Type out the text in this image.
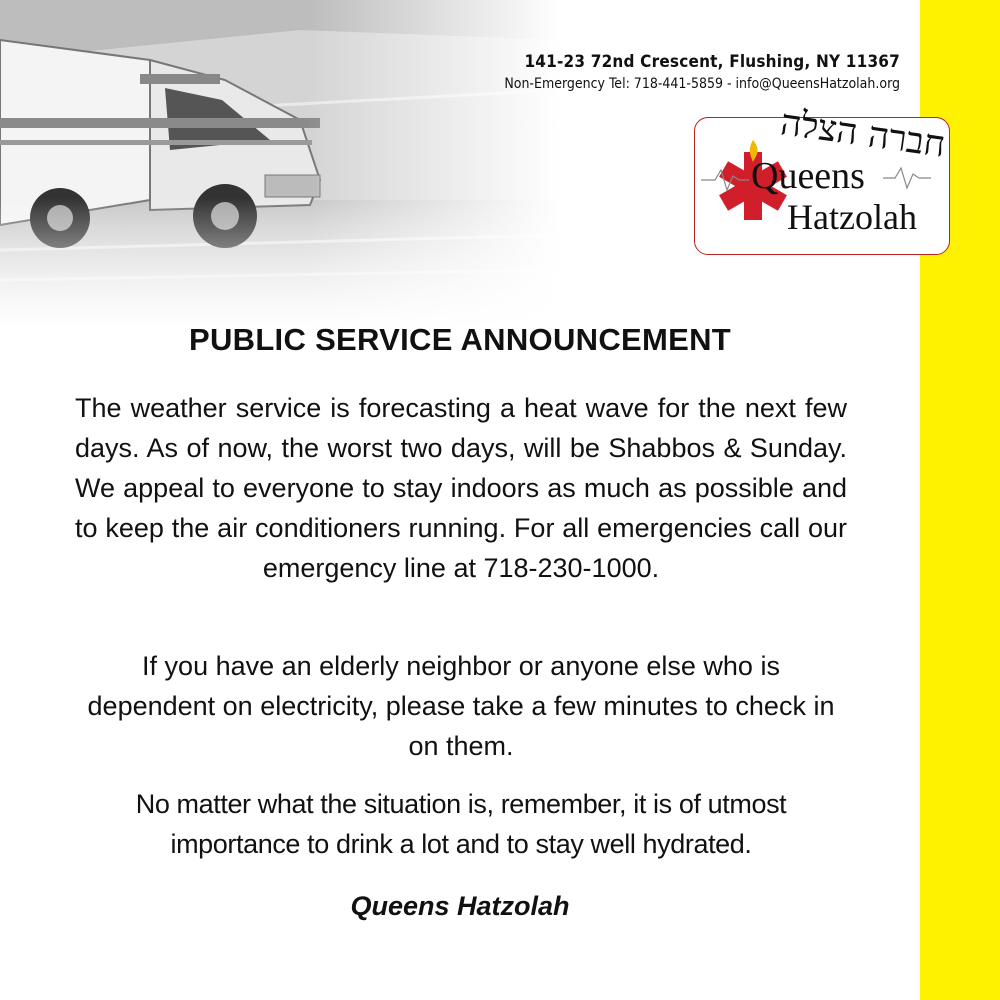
141-23 72nd Crescent, Flushing, NY 11367
Non-Emergency Tel: 718-441-5859 - info@QueensHatzolah.org
חברה הצלה
Queens
Hatzolah
PUBLIC SERVICE ANNOUNCEMENT
The weather service is forecasting a heat wave for the next few days. As of now, the worst two days, will be Shabbos & Sunday. We appeal to everyone to stay indoors as much as possible and to keep the air conditioners running. For all emergencies call our emergency line at 718-230-1000.
If you have an elderly neighbor or anyone else who is dependent on electricity, please take a few minutes to check in on them.
No matter what the situation is, remember, it is of utmost importance to drink a lot and to stay well hydrated.
Queens Hatzolah
